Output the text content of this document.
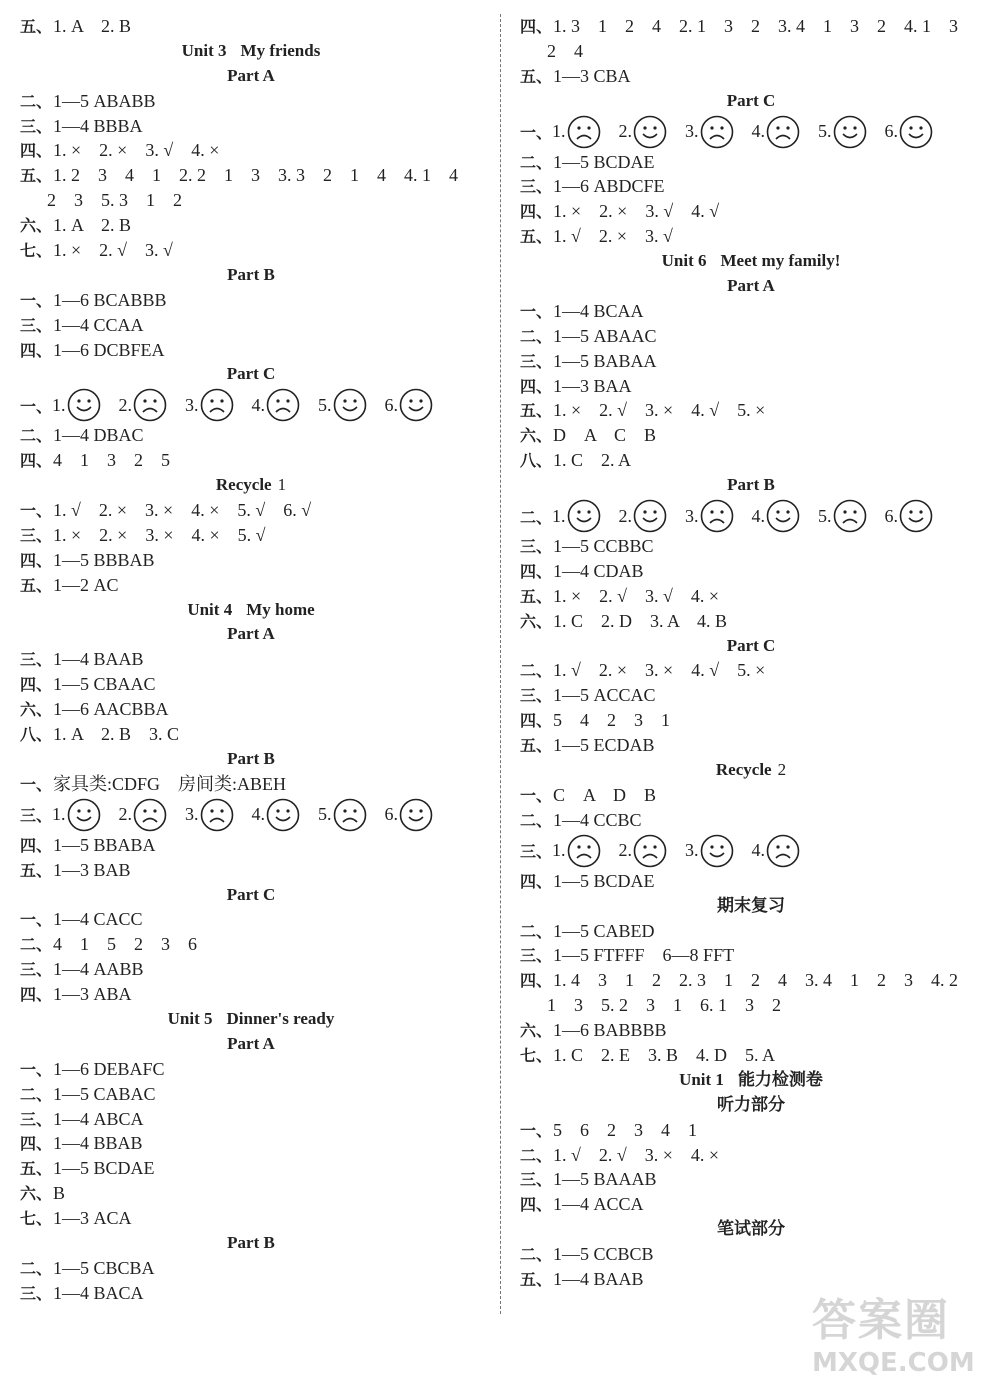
五、1. A　2. B
Unit 3 My friends
Part A
二、1—5 ABABB
三、1—4 BBBA
四、1. ×　2. ×　3. √　4. ×
五、1. 2　3　4　1　2. 2　1　3　3. 3　2　1　4　4. 1　4
2　3　5. 3　1　2
六、1. A　2. B
七、1. ×　2. √　3. √
Part B
一、1—6 BCABBB
三、1—4 CCAA
四、1—6 DCBFEA
Part C
一、 1.	2.	3.	4.	5.	6.
二、1—4 DBAC
四、4　1　3　2　5
Recycle 1
一、1. √　2. ×　3. ×　4. ×　5. √　6. √
三、1. ×　2. ×　3. ×　4. ×　5. √
四、1—5 BBBAB
五、1—2 AC
Unit 4 My home
Part A
三、1—4 BAAB
四、1—5 CBAAC
六、1—6 AACBBA
八、1. A　2. B　3. C
Part B
一、家具类:CDFG　房间类:ABEH
三、 1.	2.	3.	4.	5.	6.
四、1—5 BBABA
五、1—3 BAB
Part C
一、1—4 CACC
二、4　1　5　2　3　6
三、1—4 AABB
四、1—3 ABA
Unit 5 Dinner's ready
Part A
一、1—6 DEBAFC
二、1—5 CABAC
三、1—4 ABCA
四、1—4 BBAB
五、1—5 BCDAE
六、B
七、1—3 ACA
Part B
二、1—5 CBCBA
三、1—4 BACA
四、1. 3　1　2　4　2. 1　3　2　3. 4　1　3　2　4. 1　3
2　4
五、1—3 CBA
Part C
一、 1.	2.	3.	4.	5.	6.
二、1—5 BCDAE
三、1—6 ABDCFE
四、1. ×　2. ×　3. √　4. √
五、1. √　2. ×　3. √
Unit 6 Meet my family!
Part A
一、1—4 BCAA
二、1—5 ABAAC
三、1—5 BABAA
四、1—3 BAA
五、1. ×　2. √　3. ×　4. √　5. ×
六、D　A　C　B
八、1. C　2. A
Part B
二、 1.	2.	3.	4.	5.	6.
三、1—5 CCBBC
四、1—4 CDAB
五、1. ×　2. √　3. √　4. ×
六、1. C　2. D　3. A　4. B
Part C
二、1. √　2. ×　3. ×　4. √　5. ×
三、1—5 ACCAC
四、5　4　2　3　1
五、1—5 ECDAB
Recycle 2
一、C　A　D　B
二、1—4 CCBC
三、 1.	2.	3.	4.
四、1—5 BCDAE
期末复习
二、1—5 CABED
三、1—5 FTFFF　6—8 FFT
四、1. 4　3　1　2　2. 3　1　2　4　3. 4　1　2　3　4. 2
1　3　5. 2　3　1　6. 1　3　2
六、1—6 BABBBB
七、1. C　2. E　3. B　4. D　5. A
Unit 1 能力检测卷
听力部分
一、5　6　2　3　4　1
二、1. √　2. √　3. ×　4. ×
三、1—5 BAAAB
四、1—4 ACCA
笔试部分
二、1—5 CCBCB
五、1—4 BAAB
答案圈
MXQE.COM
